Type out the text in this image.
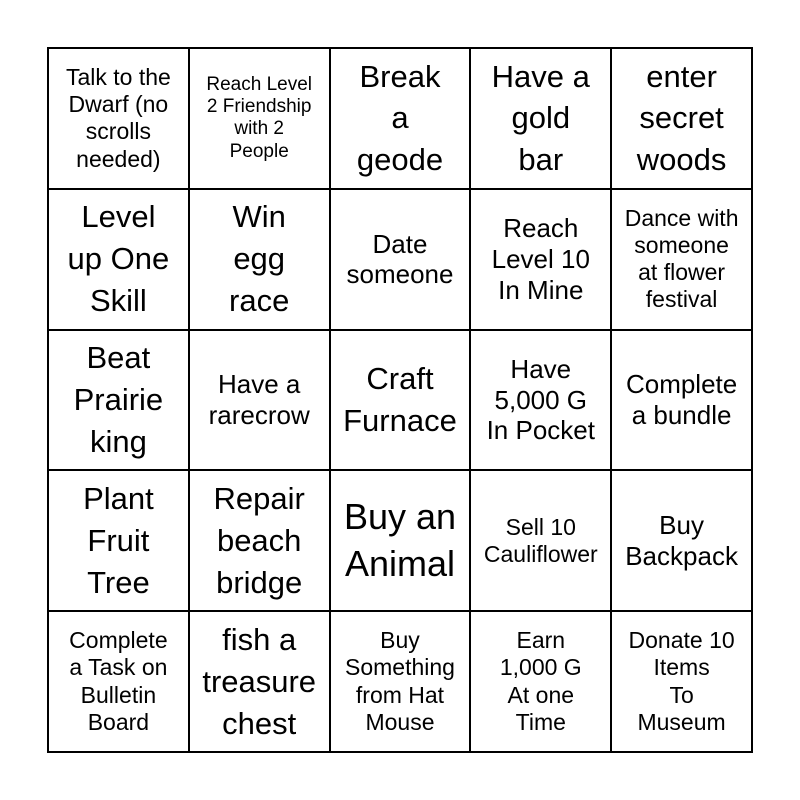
Talk to the
Dwarf (no
scrolls
needed)
Reach Level
2 Friendship
with 2
People
Break
a
geode
Have a
gold
bar
enter
secret
woods
Level
up One
Skill
Win
egg
race
Date
someone
Reach
Level 10
In Mine
Dance with
someone
at flower
festival
Beat
Prairie
king
Have a
rarecrow
Craft
Furnace
Have
5,000 G
In Pocket
Complete
a bundle
Plant
Fruit
Tree
Repair
beach
bridge
Buy an
Animal
Sell 10
Cauliflower
Buy
Backpack
Complete
a Task on
Bulletin
Board
fish a
treasure
chest
Buy
Something
from Hat
Mouse
Earn
1,000 G
At one
Time
Donate 10
Items
To
Museum
